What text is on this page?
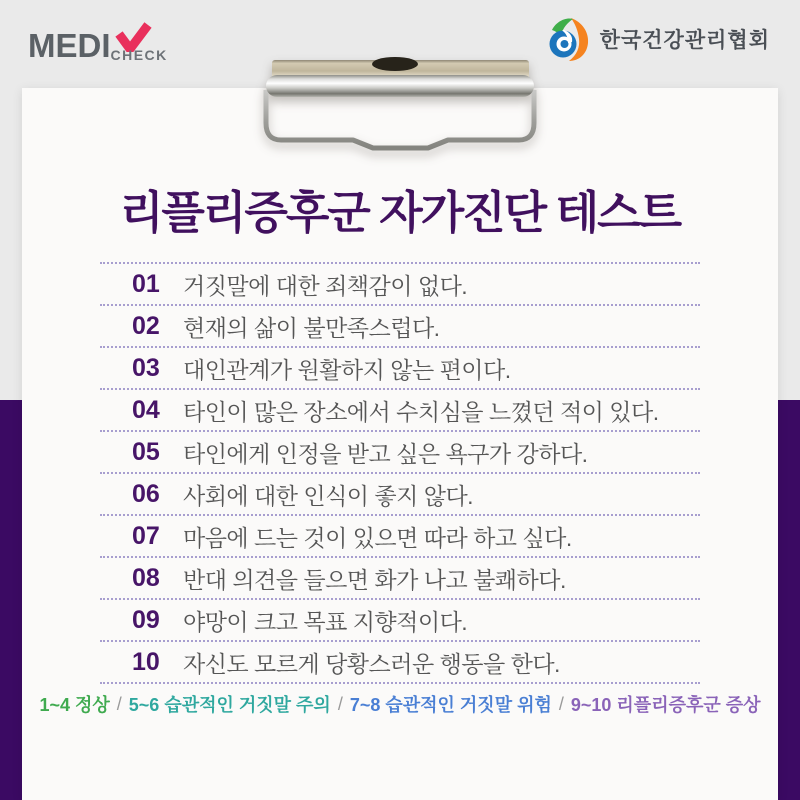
MEDI CHECK
한국건강관리협회
리플리증후군 자가진단 테스트
01	거짓말에 대한 죄책감이 없다.
02	현재의 삶이 불만족스럽다.
03	대인관계가 원활하지 않는 편이다.
04	타인이 많은 장소에서 수치심을 느꼈던 적이 있다.
05	타인에게 인정을 받고 싶은 욕구가 강하다.
06	사회에 대한 인식이 좋지 않다.
07	마음에 드는 것이 있으면 따라 하고 싶다.
08	반대 의견을 들으면 화가 나고 불쾌하다.
09	야망이 크고 목표 지향적이다.
10	자신도 모르게 당황스러운 행동을 한다.
1~4 정상 / 5~6 습관적인 거짓말 주의 / 7~8 습관적인 거짓말 위험 / 9~10 리플리증후군 증상
